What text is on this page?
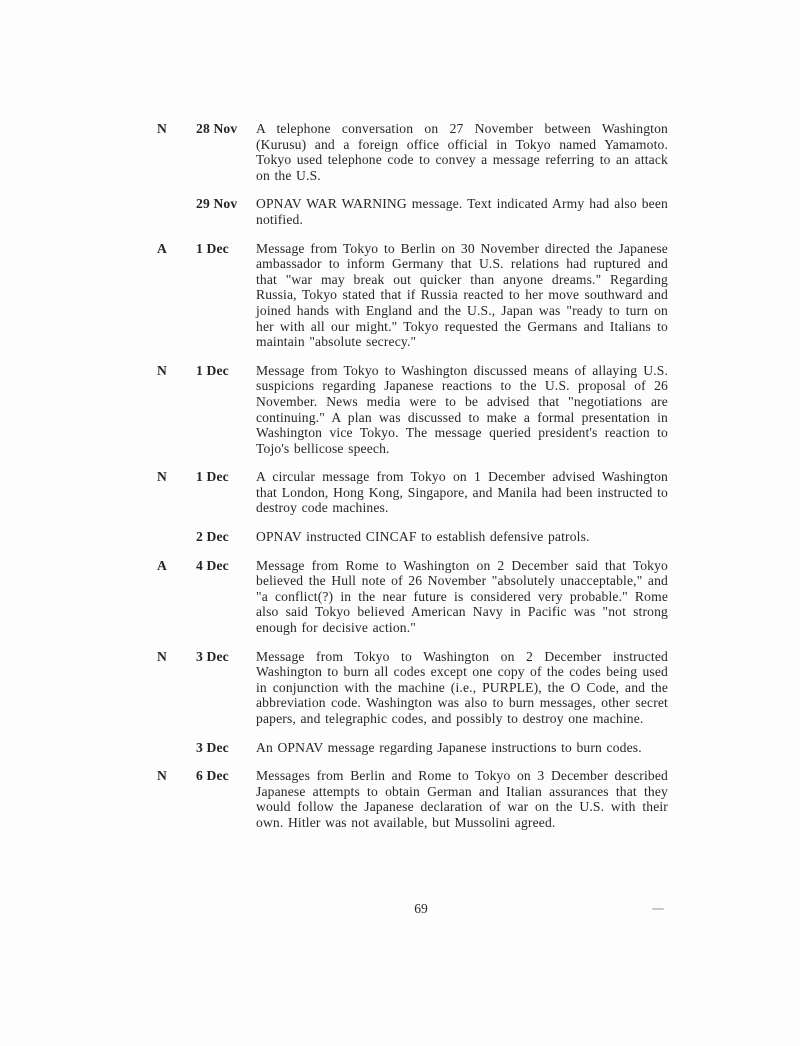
N	28 Nov	A telephone conversation on 27 November between Washington (Kurusu) and a foreign office official in Tokyo named Yamamoto. Tokyo used telephone code to convey a message referring to an attack on the U.S.
29 Nov	OPNAV WAR WARNING message. Text indicated Army had also been notified.
A	1 Dec	Message from Tokyo to Berlin on 30 November directed the Japanese ambassador to inform Germany that U.S. relations had ruptured and that "war may break out quicker than anyone dreams." Regarding Russia, Tokyo stated that if Russia reacted to her move southward and joined hands with England and the U.S., Japan was "ready to turn on her with all our might." Tokyo requested the Germans and Italians to maintain "absolute secrecy."
N	1 Dec	Message from Tokyo to Washington discussed means of allaying U.S. suspicions regarding Japanese reactions to the U.S. proposal of 26 November. News media were to be advised that "negotiations are continuing." A plan was discussed to make a formal presentation in Washington vice Tokyo. The message queried president's reaction to Tojo's bellicose speech.
N	1 Dec	A circular message from Tokyo on 1 December advised Washington that London, Hong Kong, Singapore, and Manila had been instructed to destroy code machines.
2 Dec	OPNAV instructed CINCAF to establish defensive patrols.
A	4 Dec	Message from Rome to Washington on 2 December said that Tokyo believed the Hull note of 26 November "absolutely unacceptable," and "a conflict(?) in the near future is considered very probable." Rome also said Tokyo believed American Navy in Pacific was "not strong enough for decisive action."
N	3 Dec	Message from Tokyo to Washington on 2 December instructed Washington to burn all codes except one copy of the codes being used in conjunction with the machine (i.e., PURPLE), the O Code, and the abbreviation code. Washington was also to burn messages, other secret papers, and telegraphic codes, and possibly to destroy one machine.
3 Dec	An OPNAV message regarding Japanese instructions to burn codes.
N	6 Dec	Messages from Berlin and Rome to Tokyo on 3 December described Japanese attempts to obtain German and Italian assurances that they would follow the Japanese declaration of war on the U.S. with their own. Hitler was not available, but Mussolini agreed.
69
